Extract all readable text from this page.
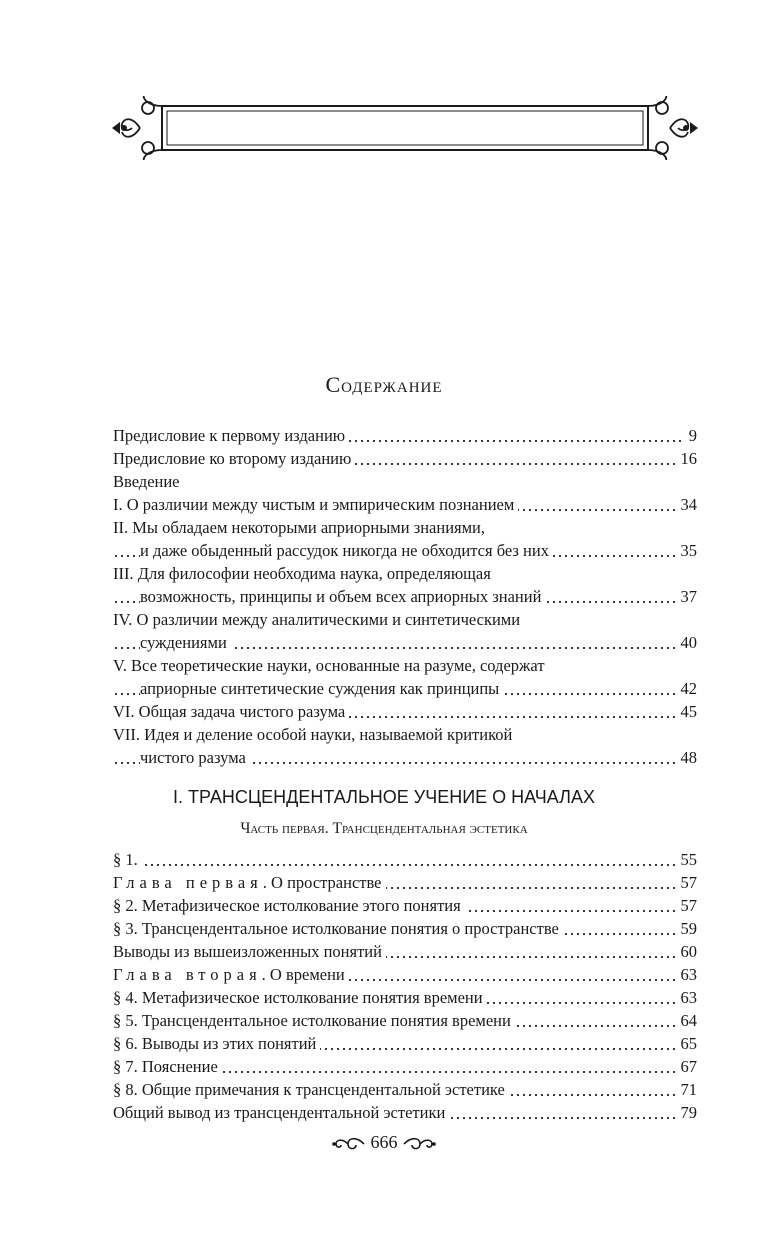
Содержание
Предисловие к первому изданию	9
Предисловие ко второму изданию	16
Введение
I. О различии между чистым и эмпирическим познанием	34
II. Мы обладаем некоторыми априорными знаниями,
и даже обыденный рассудок никогда не обходится без них	35
III. Для философии необходима наука, определяющая
возможность, принципы и объем всех априорных знаний	37
IV. О различии между аналитическими и синтетическими
суждениями	40
V. Все теоретические науки, основанные на разуме, содержат
априорные синтетические суждения как принципы	42
VI. Общая задача чистого разума	45
VII. Идея и деление особой науки, называемой критикой
чистого разума	48
I. ТРАНСЦЕНДЕНТАЛЬНОЕ УЧЕНИЕ О НАЧАЛАХ
Часть первая. Трансцендентальная эстетика
§ 1.	55
Глава первая. О пространстве	57
§ 2. Метафизическое истолкование этого понятия	57
§ 3. Трансцендентальное истолкование понятия о пространстве	59
Выводы из вышеизложенных понятий	60
Глава вторая. О времени	63
§ 4. Метафизическое истолкование понятия времени	63
§ 5. Трансцендентальное истолкование понятия времени	64
§ 6. Выводы из этих понятий	65
§ 7. Пояснение	67
§ 8. Общие примечания к трансцендентальной эстетике	71
Общий вывод из трансцендентальной эстетики	79
666
